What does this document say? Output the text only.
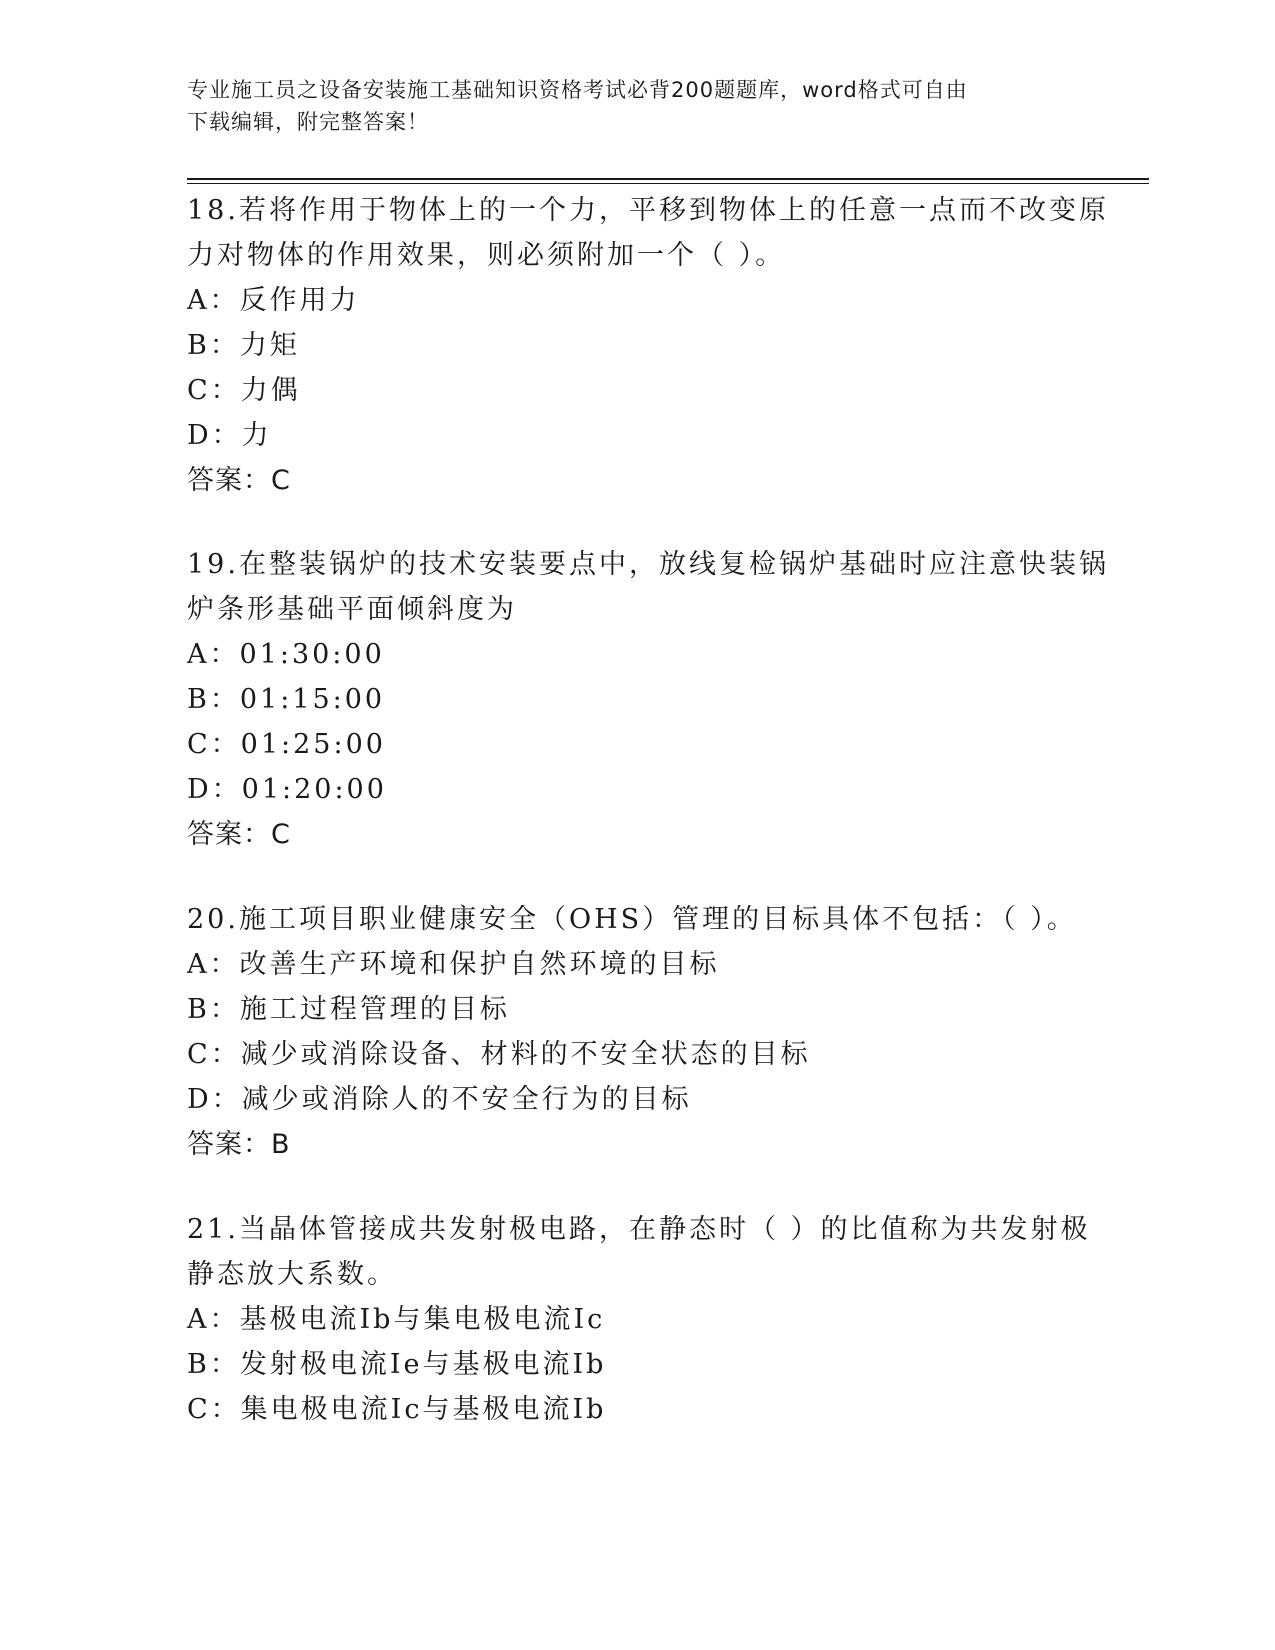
专业施工员之设备安装施工基础知识资格考试必背200题题库，word格式可自由
下载编辑，附完整答案！
18.若将作用于物体上的一个力，平移到物体上的任意一点而不改变原
力对物体的作用效果，则必须附加一个（ ）。
A：反作用力
B：力矩
C：力偶
D：力
答案：C
19.在整装锅炉的技术安装要点中，放线复检锅炉基础时应注意快装锅
炉条形基础平面倾斜度为
A：01:30:00
B：01:15:00
C：01:25:00
D：01:20:00
答案：C
20.施工项目职业健康安全（OHS）管理的目标具体不包括：（ ）。
A：改善生产环境和保护自然环境的目标
B：施工过程管理的目标
C：减少或消除设备、材料的不安全状态的目标
D：减少或消除人的不安全行为的目标
答案：B
21.当晶体管接成共发射极电路，在静态时（ ）的比值称为共发射极
静态放大系数。
A：基极电流Ib与集电极电流Ic
B：发射极电流Ie与基极电流Ib
C：集电极电流Ic与基极电流Ib
